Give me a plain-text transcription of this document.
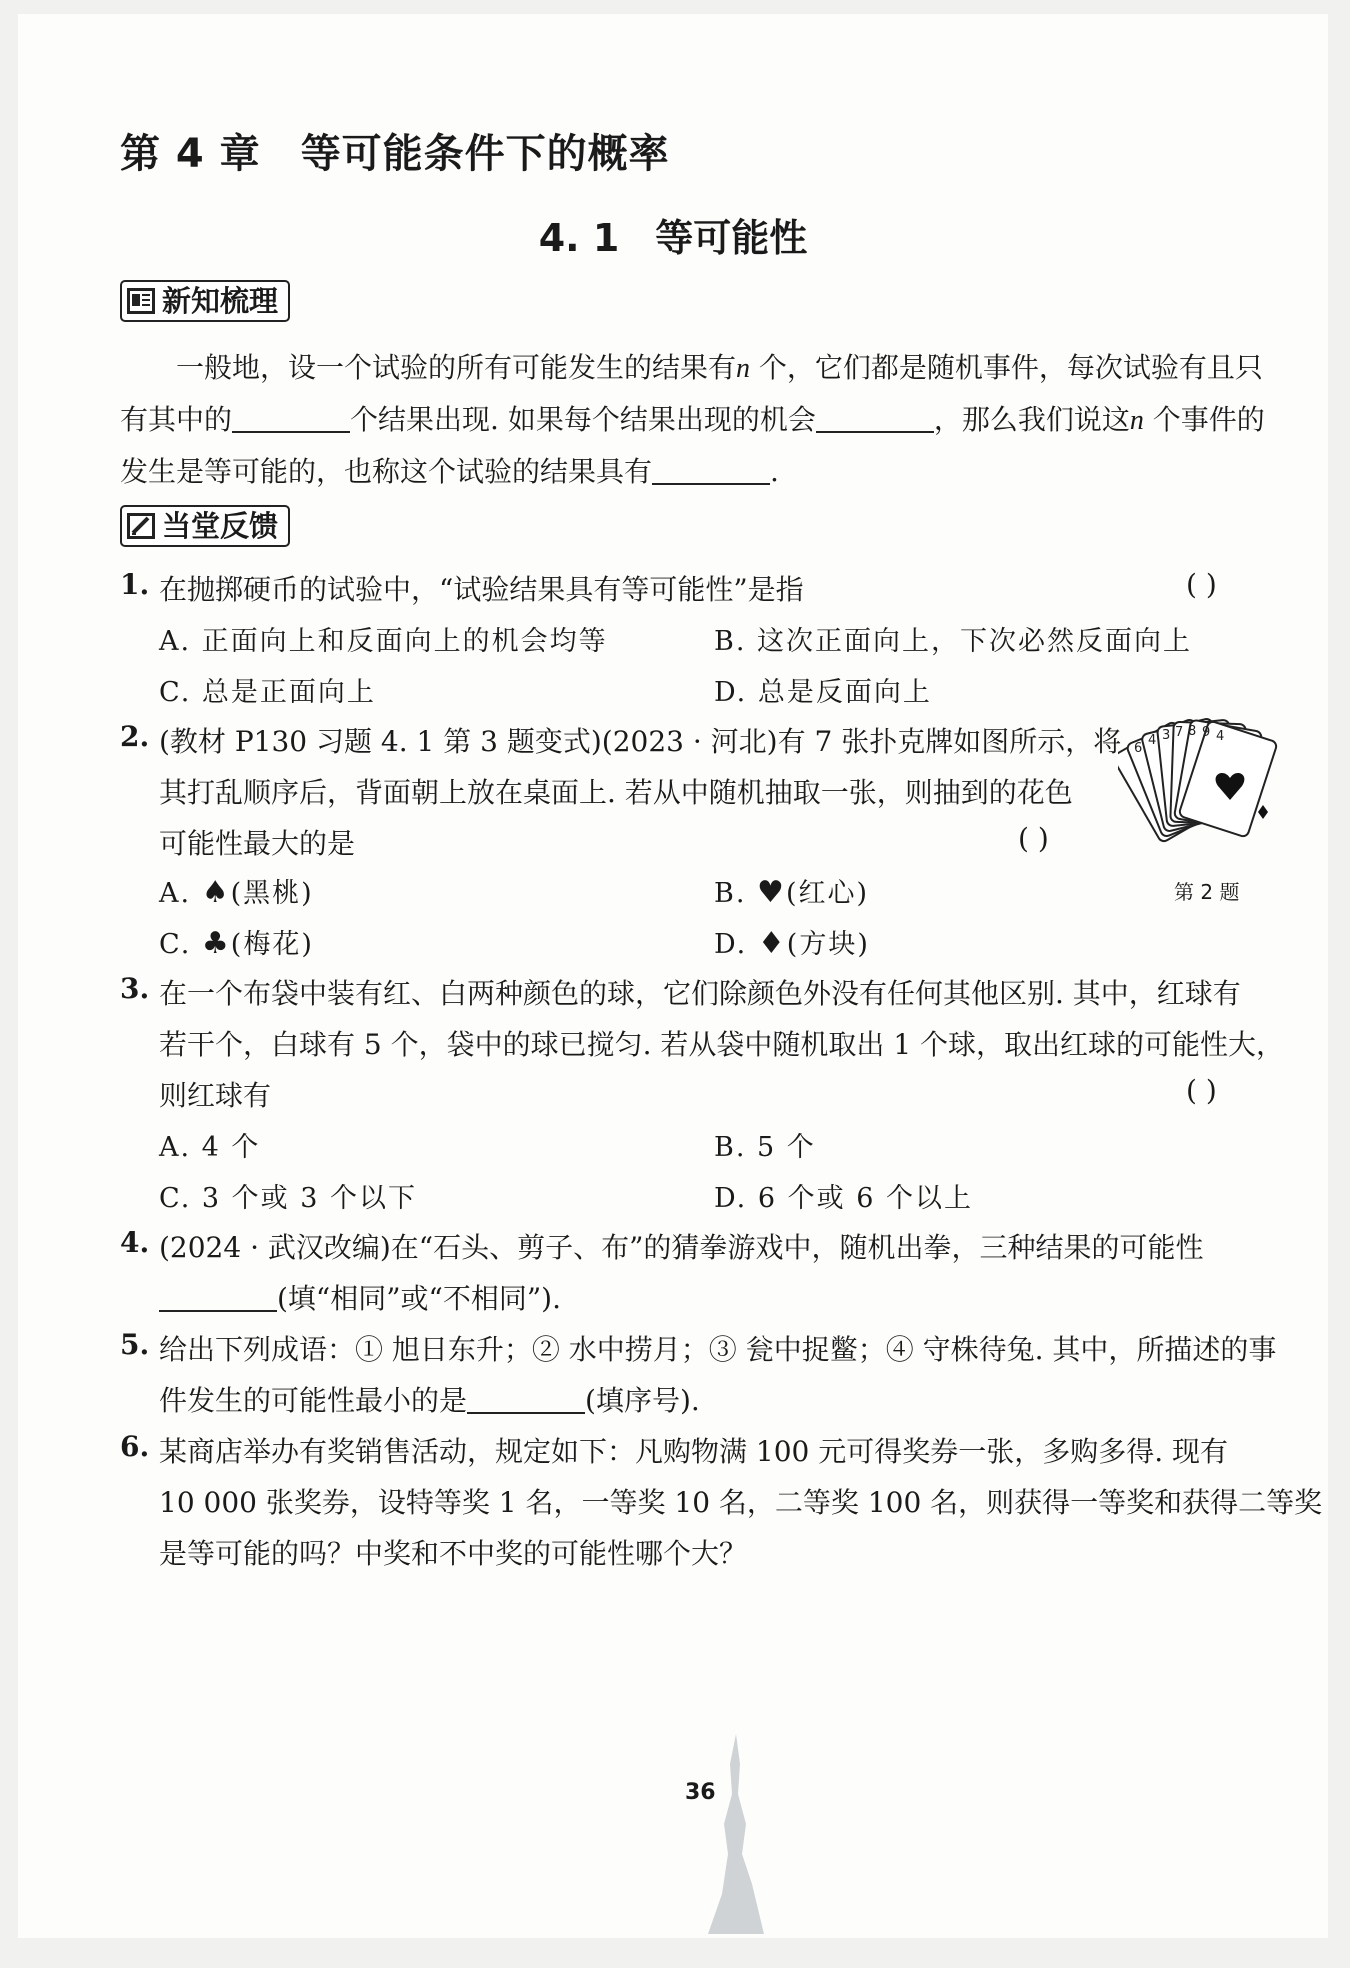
第 4 章 等可能条件下的概率
4. 1 等可能性
新知梳理

一般地，设一个试验的所有可能发生的结果有n 个，它们都是随机事件，每次试验有且只有其中的	个结果出现. 如果每个结果出现的机会	，那么我们说这n 个事件的发生是等可能的，也称这个试验的结果具有	.

当堂反馈
1. 在抛掷硬币的试验中，“试验结果具有等可能性”是指	( )
A. 正面向上和反面向上的机会均等	B. 这次正面向上，下次必然反面向上
C. 总是正面向上	D. 总是反面向上
2. (教材 P130 习题 4. 1 第 3 题变式)(2023 · 河北)有 7 张扑克牌如图所示，将
其打乱顺序后，背面朝上放在桌面上. 若从中随机抽取一张，则抽到的花色
可能性最大的是	( )
A. ♠(黑桃)	B. ♥(红心)
C. ♣(梅花)	D. ♦(方块)
6
4 3 7 8 9 4
第 2 题
3. 在一个布袋中装有红、白两种颜色的球，它们除颜色外没有任何其他区别. 其中，红球有
若干个，白球有 5 个，袋中的球已搅匀. 若从袋中随机取出 1 个球，取出红球的可能性大，
则红球有	( )
A. 4 个	B. 5 个
C. 3 个或 3 个以下	D. 6 个或 6 个以上
4. (2024 · 武汉改编)在“石头、剪子、布”的猜拳游戏中，随机出拳，三种结果的可能性
(填“相同”或“不相同”).
5. 给出下列成语：① 旭日东升；② 水中捞月；③ 瓮中捉鳖；④ 守株待兔. 其中，所描述的事
件发生的可能性最小的是	(填序号).
6. 某商店举办有奖销售活动，规定如下：凡购物满 100 元可得奖券一张，多购多得. 现有
10 000 张奖券，设特等奖 1 名，一等奖 10 名，二等奖 100 名，则获得一等奖和获得二等奖
是等可能的吗？中奖和不中奖的可能性哪个大？
36
